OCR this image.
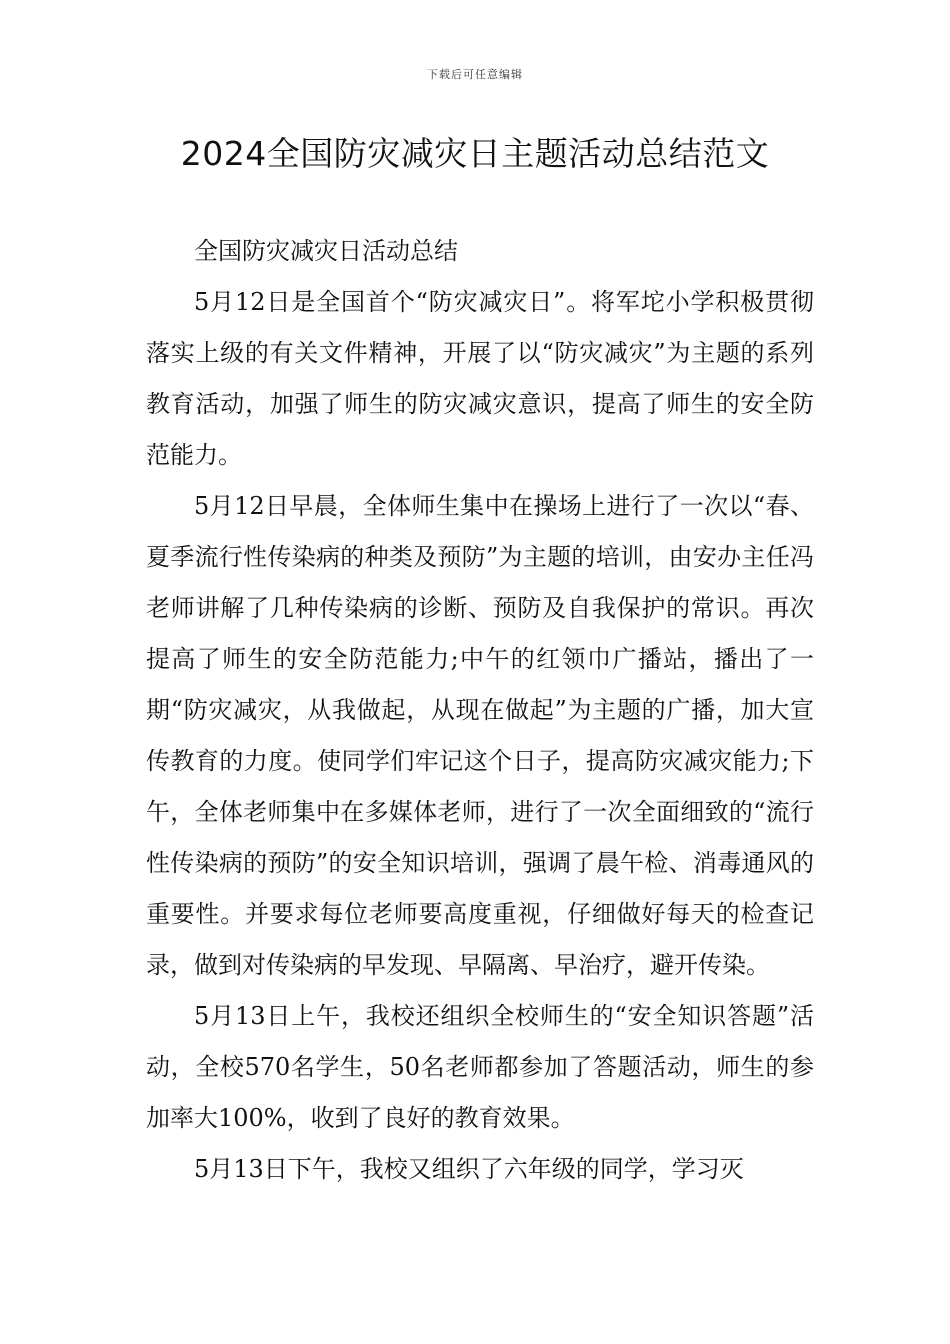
下载后可任意编辑
2024全国防灾减灾日主题活动总结范文

全国防灾减灾日活动总结

5月12日是全国首个“防灾减灾日”。将军坨小学积极贯彻落实上级的有关文件精神，开展了以“防灾减灾”为主题的系列教育活动，加强了师生的防灾减灾意识，提高了师生的安全防范能力。

5月12日早晨，全体师生集中在操场上进行了一次以“春、夏季流行性传染病的种类及预防”为主题的培训，由安办主任冯老师讲解了几种传染病的诊断、预防及自我保护的常识。再次提高了师生的安全防范能力;中午的红领巾广播站，播出了一期“防灾减灾，从我做起，从现在做起”为主题的广播，加大宣传教育的力度。使同学们牢记这个日子，提高防灾减灾能力;下午，全体老师集中在多媒体老师，进行了一次全面细致的“流行性传染病的预防”的安全知识培训，强调了晨午检、消毒通风的重要性。并要求每位老师要高度重视，仔细做好每天的检查记录，做到对传染病的早发现、早隔离、早治疗，避开传染。

5月13日上午，我校还组织全校师生的“安全知识答题”活动，全校570名学生，50名老师都参加了答题活动，师生的参加率大100%，收到了良好的教育效果。

5月13日下午，我校又组织了六年级的同学，学习灭
